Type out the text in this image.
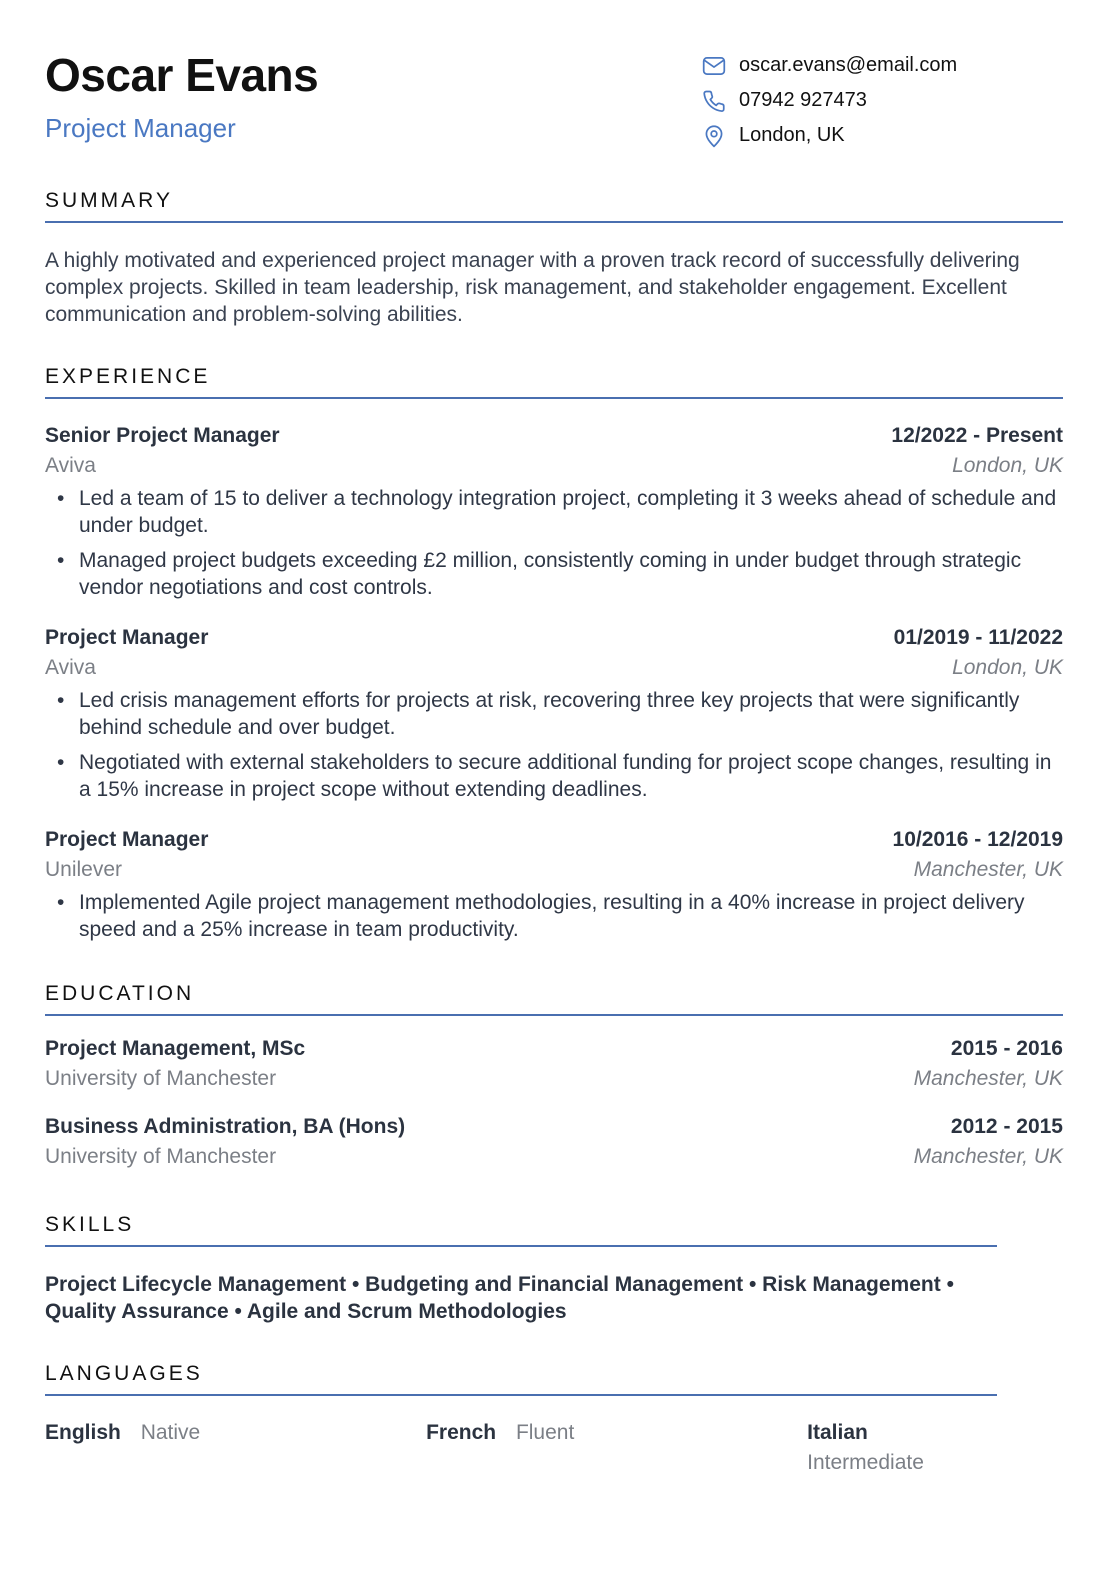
Oscar Evans
Project Manager
oscar.evans@email.com
07942 927473
London, UK
SUMMARY

A highly motivated and experienced project manager with a proven track record of successfully delivering complex projects. Skilled in team leadership, risk management, and stakeholder engagement. Excellent communication and problem-solving abilities.

EXPERIENCE
Senior Project Manager	12/2022 - Present
Aviva	London, UK
• Led a team of 15 to deliver a technology integration project, completing it 3 weeks ahead of schedule and under budget.
• Managed project budgets exceeding £2 million, consistently coming in under budget through strategic vendor negotiations and cost controls.
Project Manager	01/2019 - 11/2022
Aviva	London, UK
• Led crisis management efforts for projects at risk, recovering three key projects that were significantly behind schedule and over budget.
• Negotiated with external stakeholders to secure additional funding for project scope changes, resulting in a 15% increase in project scope without extending deadlines.
Project Manager	10/2016 - 12/2019
Unilever	Manchester, UK
• Implemented Agile project management methodologies, resulting in a 40% increase in project delivery speed and a 25% increase in team productivity.
EDUCATION
Project Management, MSc	2015 - 2016
University of Manchester	Manchester, UK
Business Administration, BA (Hons)	2012 - 2015
University of Manchester	Manchester, UK
SKILLS

Project Lifecycle Management • Budgeting and Financial Management • Risk Management • Quality Assurance • Agile and Scrum Methodologies

LANGUAGES
English Native	French Fluent	Italian Intermediate
